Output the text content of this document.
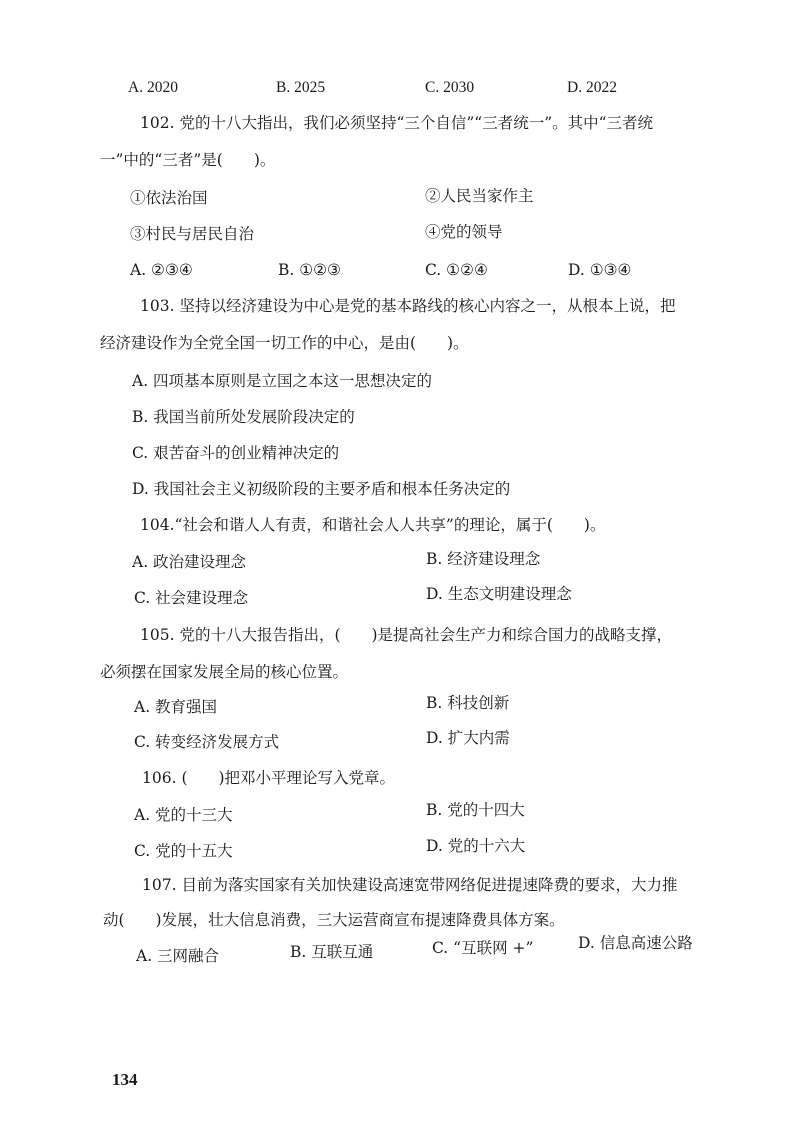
A. 2020	B. 2025	C. 2030	D. 2022
102. 党的十八大指出，我们必须坚持“三个自信”“三者统一”。其中“三者统
一”中的“三者”是(　　)。
①依法治国	②人民当家作主
③村民与居民自治	④党的领导
A. ②③④	B. ①②③	C. ①②④	D. ①③④
103. 坚持以经济建设为中心是党的基本路线的核心内容之一，从根本上说，把
经济建设作为全党全国一切工作的中心，是由(　　)。
A. 四项基本原则是立国之本这一思想决定的
B. 我国当前所处发展阶段决定的
C. 艰苦奋斗的创业精神决定的
D. 我国社会主义初级阶段的主要矛盾和根本任务决定的
104.“社会和谐人人有责，和谐社会人人共享”的理论，属于(　　)。
A. 政治建设理念	B. 经济建设理念
C. 社会建设理念	D. 生态文明建设理念
105. 党的十八大报告指出，(　　)是提高社会生产力和综合国力的战略支撑，
必须摆在国家发展全局的核心位置。
A. 教育强国	B. 科技创新
C. 转变经济发展方式	D. 扩大内需
106. (　　)把邓小平理论写入党章。
A. 党的十三大	B. 党的十四大
C. 党的十五大	D. 党的十六大
107. 目前为落实国家有关加快建设高速宽带网络促进提速降费的要求，大力推
动(　　)发展，壮大信息消费，三大运营商宣布提速降费具体方案。
A. 三网融合	B. 互联互通	C. “互联网 +”	D. 信息高速公路
134
